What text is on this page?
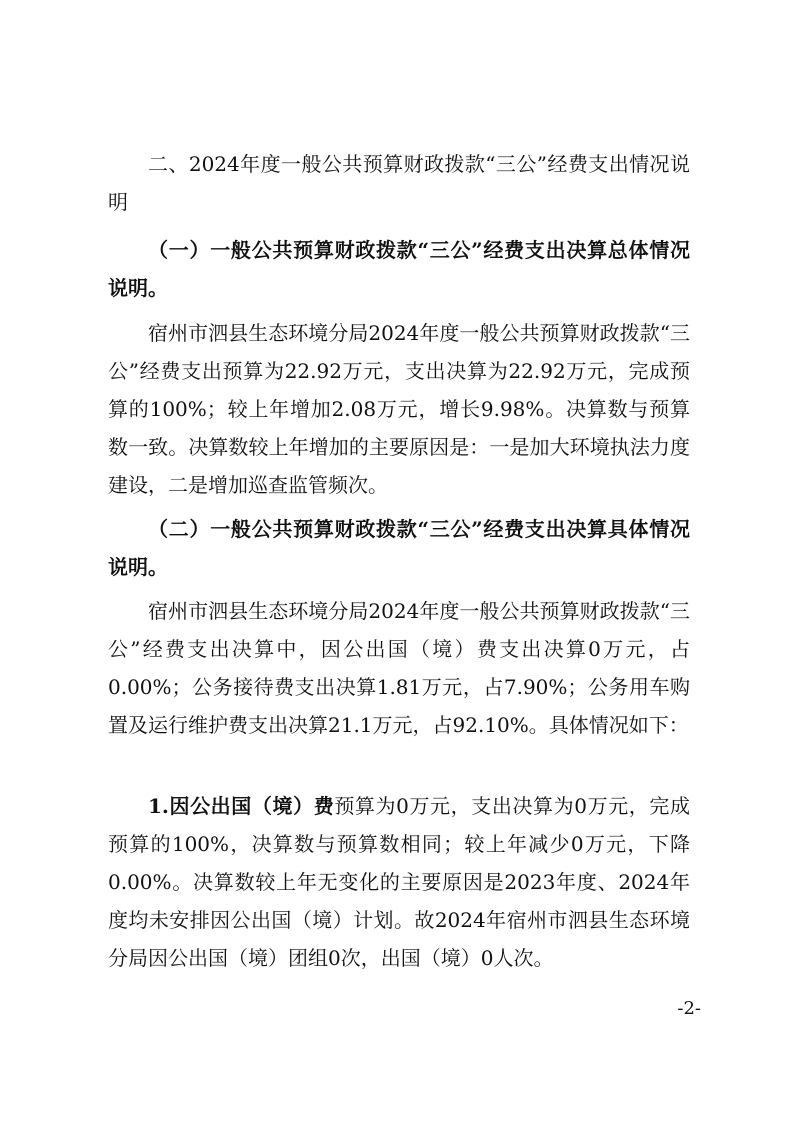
二、2024年度一般公共预算财政拨款“三公”经费支出情况说明

（一）一般公共预算财政拨款“三公”经费支出决算总体情况说明。

宿州市泗县生态环境分局2024年度一般公共预算财政拨款“三公”经费支出预算为22.92万元，支出决算为22.92万元，完成预算的100%；较上年增加2.08万元，增长9.98%。决算数与预算数一致。决算数较上年增加的主要原因是：一是加大环境执法力度建设，二是增加巡查监管频次。

（二）一般公共预算财政拨款“三公”经费支出决算具体情况说明。

宿州市泗县生态环境分局2024年度一般公共预算财政拨款“三公”经费支出决算中，因公出国（境）费支出决算0万元，占0.00%；公务接待费支出决算1.81万元，占7.90%；公务用车购置及运行维护费支出决算21.1万元，占92.10%。具体情况如下：

1.因公出国（境）费预算为0万元，支出决算为0万元，完成预算的100%，决算数与预算数相同；较上年减少0万元，下降0.00%。决算数较上年无变化的主要原因是2023年度、2024年度均未安排因公出国（境）计划。故2024年宿州市泗县生态环境分局因公出国（境）团组0次，出国（境）0人次。

-2-
